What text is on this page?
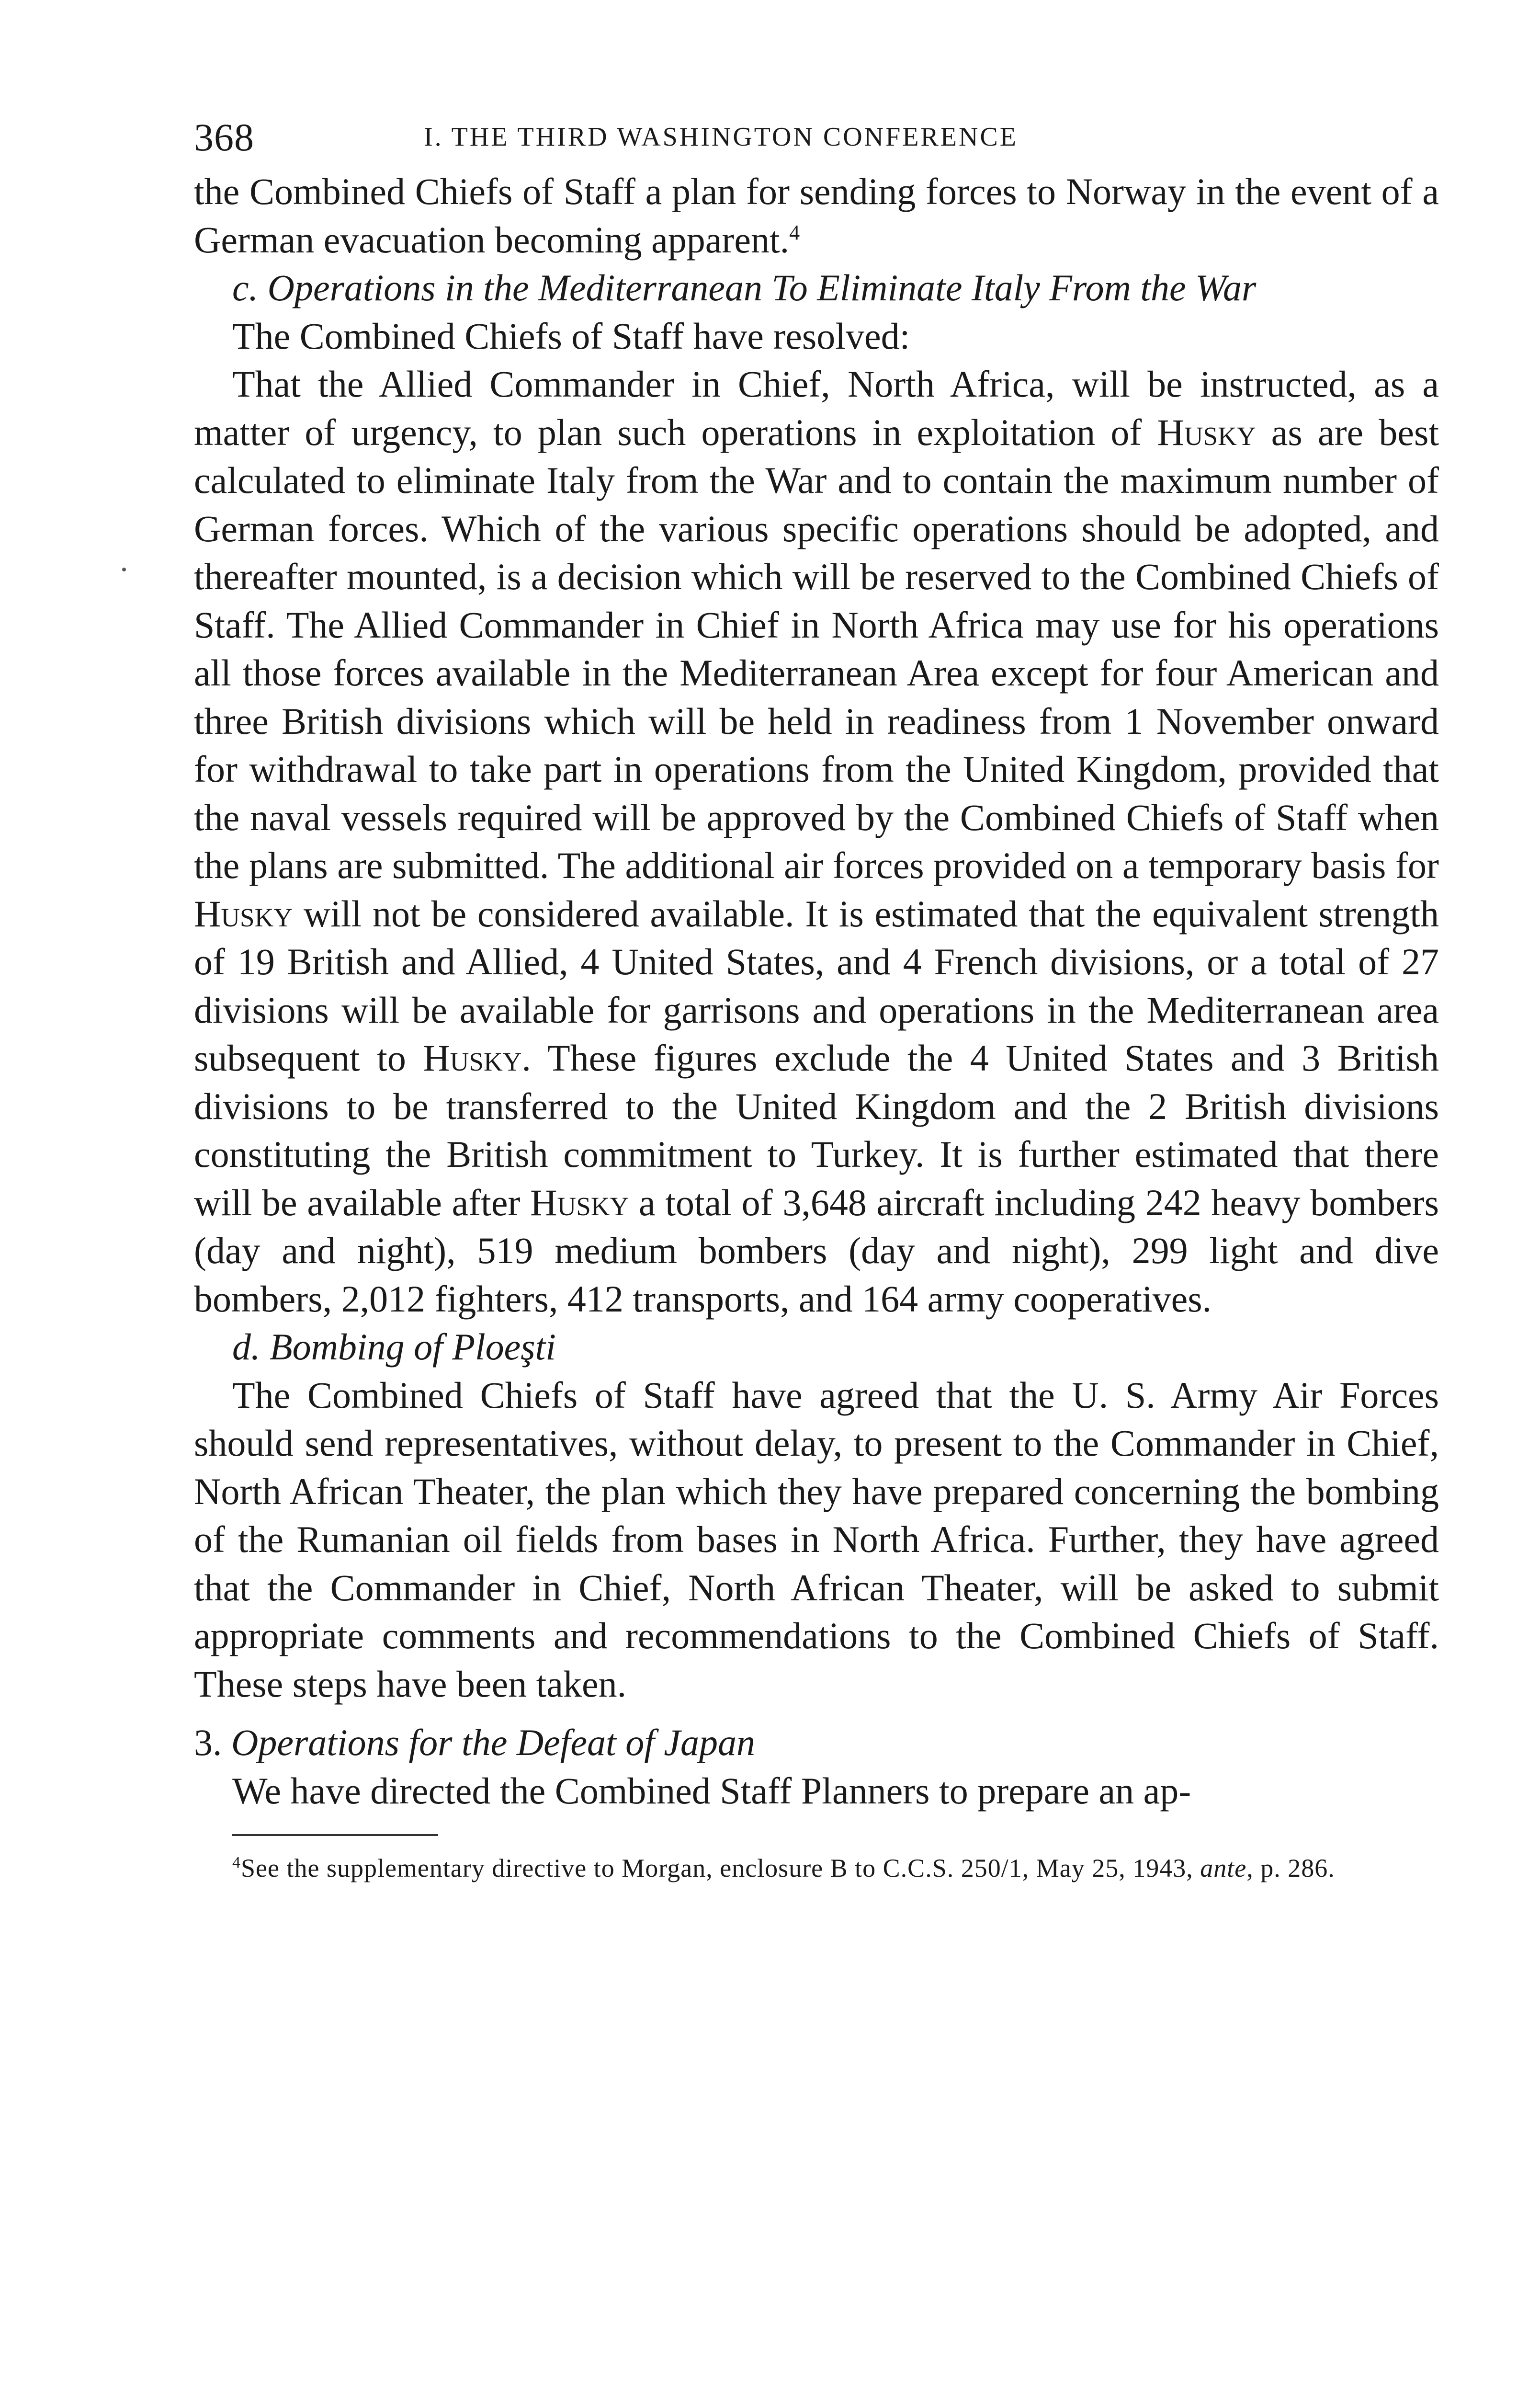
368	I. THE THIRD WASHINGTON CONFERENCE

the Combined Chiefs of Staff a plan for sending forces to Norway in the event of a German evacuation becoming apparent.$^4$

c. Operations in the Mediterranean To Eliminate Italy From the War

The Combined Chiefs of Staff have resolved:

That the Allied Commander in Chief, North Africa, will be instructed, as a matter of urgency, to plan such operations in exploitation of Husky as are best calculated to eliminate Italy from the War and to contain the maximum number of German forces. Which of the various specific operations should be adopted, and thereafter mounted, is a decision which will be reserved to the Combined Chiefs of Staff. The Allied Commander in Chief in North Africa may use for his operations all those forces available in the Mediterranean Area except for four American and three British divisions which will be held in readiness from 1 November onward for withdrawal to take part in operations from the United Kingdom, provided that the naval vessels required will be approved by the Combined Chiefs of Staff when the plans are submitted. The additional air forces provided on a temporary basis for Husky will not be considered available. It is estimated that the equivalent strength of 19 British and Allied, 4 United States, and 4 French divisions, or a total of 27 divisions will be available for garrisons and operations in the Mediterranean area subsequent to Husky. These figures exclude the 4 United States and 3 British divisions to be transferred to the United Kingdom and the 2 British divisions constituting the British commitment to Turkey. It is further estimated that there will be available after Husky a total of 3,648 aircraft including 242 heavy bombers (day and night), 519 medium bombers (day and night), 299 light and dive bombers, 2,012 fighters, 412 transports, and 164 army cooperatives.

d. Bombing of Ploeşti

The Combined Chiefs of Staff have agreed that the U. S. Army Air Forces should send representatives, without delay, to present to the Commander in Chief, North African Theater, the plan which they have prepared concerning the bombing of the Rumanian oil fields from bases in North Africa. Further, they have agreed that the Commander in Chief, North African Theater, will be asked to submit appropriate comments and recommendations to the Combined Chiefs of Staff. These steps have been taken.

3. Operations for the Defeat of Japan

We have directed the Combined Staff Planners to prepare an ap-

$^4$See the supplementary directive to Morgan, enclosure B to C.C.S. 250/1, May 25, 1943, ante, p. 286.
